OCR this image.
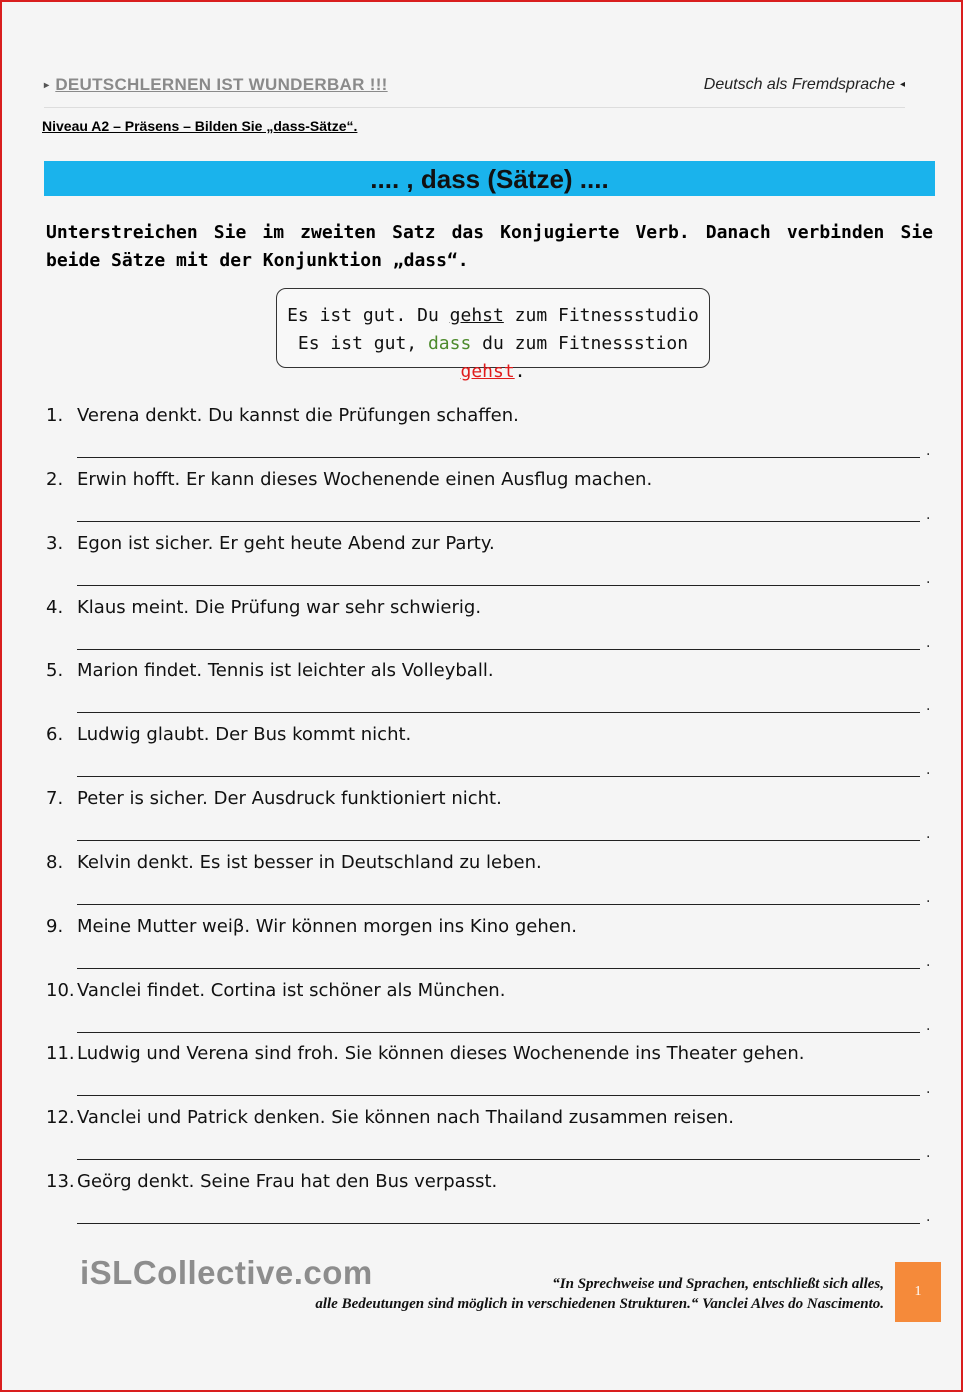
▸ DEUTSCHLERNEN IST WUNDERBAR !!!	Deutsch als Fremdsprache ◂
Niveau A2 – Präsens – Bilden Sie „dass-Sätze“.
.... , dass (Sätze) ....
Unterstreichen Sie im zweiten Satz das Konjugierte Verb. Danach verbinden Sie beide Sätze mit der Konjunktion „dass“.
Es ist gut. Du gehst zum Fitnessstudio
Es ist gut, dass du zum Fitnessstion gehst.
1. Verena denkt. Du kannst die Prüfungen schaffen.
.
2. Erwin hofft. Er kann dieses Wochenende einen Ausflug machen.
.
3. Egon ist sicher. Er geht heute Abend zur Party.
.
4. Klaus meint. Die Prüfung war sehr schwierig.
.
5. Marion findet. Tennis ist leichter als Volleyball.
.
6. Ludwig glaubt. Der Bus kommt nicht.
.
7. Peter is sicher. Der Ausdruck funktioniert nicht.
.
8. Kelvin denkt. Es ist besser in Deutschland zu leben.
.
9. Meine Mutter weiβ. Wir können morgen ins Kino gehen.
.
10. Vanclei findet. Cortina ist schöner als München.
.
11. Ludwig und Verena sind froh. Sie können dieses Wochenende ins Theater gehen.
.
12. Vanclei und Patrick denken. Sie können nach Thailand zusammen reisen.
.
13. Geörg denkt. Seine Frau hat den Bus verpasst.
.
iSLCollective.com	“In Sprechweise und Sprachen, entschließt sich alles,
alle Bedeutungen sind möglich in verschiedenen Strukturen.“ Vanclei Alves do Nascimento.
1
